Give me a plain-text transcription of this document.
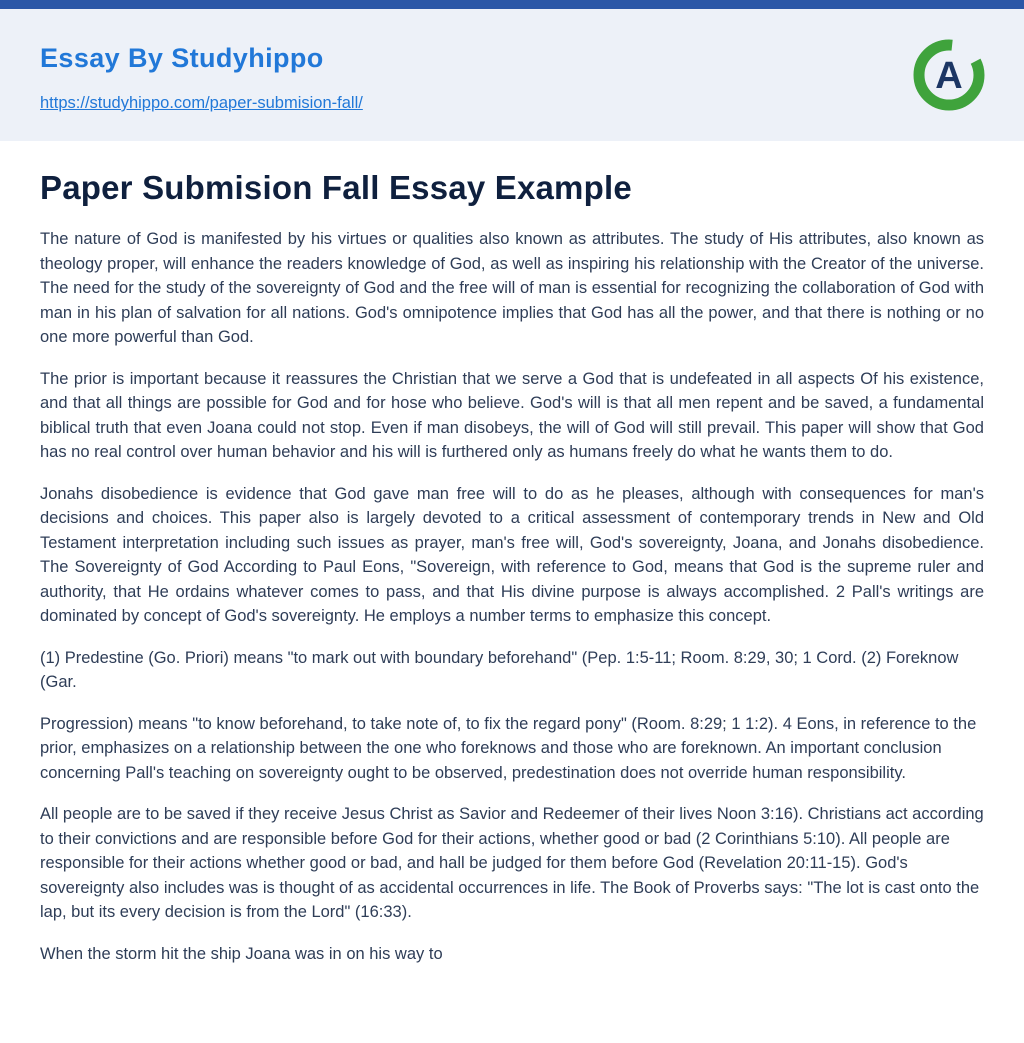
Essay By Studyhippo
https://studyhippo.com/paper-submision-fall/
A
Paper Submision Fall Essay Example

The nature of God is manifested by his virtues or qualities also known as attributes. The study of His attributes, also known as theology proper, will enhance the readers knowledge of God, as well as inspiring his relationship with the Creator of the universe. The need for the study of the sovereignty of God and the free will of man is essential for recognizing the collaboration of God with man in his plan of salvation for all nations. God's omnipotence implies that God has all the power, and that there is nothing or no one more powerful than God.

The prior is important because it reassures the Christian that we serve a God that is undefeated in all aspects Of his existence, and that all things are possible for God and for hose who believe. God's will is that all men repent and be saved, a fundamental biblical truth that even Joana could not stop. Even if man disobeys, the will of God will still prevail. This paper will show that God has no real control over human behavior and his will is furthered only as humans freely do what he wants them to do.

Jonahs disobedience is evidence that God gave man free will to do as he pleases, although with consequences for man's decisions and choices. This paper also is largely devoted to a critical assessment of contemporary trends in New and Old Testament interpretation including such issues as prayer, man's free will, God's sovereignty, Joana, and Jonahs disobedience. The Sovereignty of God According to Paul Eons, "Sovereign, with reference to God, means that God is the supreme ruler and authority, that He ordains whatever comes to pass, and that His divine purpose is always accomplished. 2 Pall's writings are dominated by concept of God's sovereignty. He employs a number terms to emphasize this concept.

(1) Predestine (Go. Priori) means "to mark out with boundary beforehand" (Pep. 1:5-11; Room. 8:29, 30; 1 Cord. (2) Foreknow (Gar.

Progression) means "to know beforehand, to take note of, to fix the regard pony" (Room. 8:29; 1 1:2). 4 Eons, in reference to the prior, emphasizes on a relationship between the one who foreknows and those who are foreknown. An important conclusion concerning Pall's teaching on sovereignty ought to be observed, predestination does not override human responsibility.

All people are to be saved if they receive Jesus Christ as Savior and Redeemer of their lives Noon 3:16). Christians act according to their convictions and are responsible before God for their actions, whether good or bad (2 Corinthians 5:10). All people are responsible for their actions whether good or bad, and hall be judged for them before God (Revelation 20:11-15). God's sovereignty also includes was is thought of as accidental occurrences in life. The Book of Proverbs says: "The lot is cast onto the lap, but its every decision is from the Lord" (16:33).

When the storm hit the ship Joana was in on his way to
